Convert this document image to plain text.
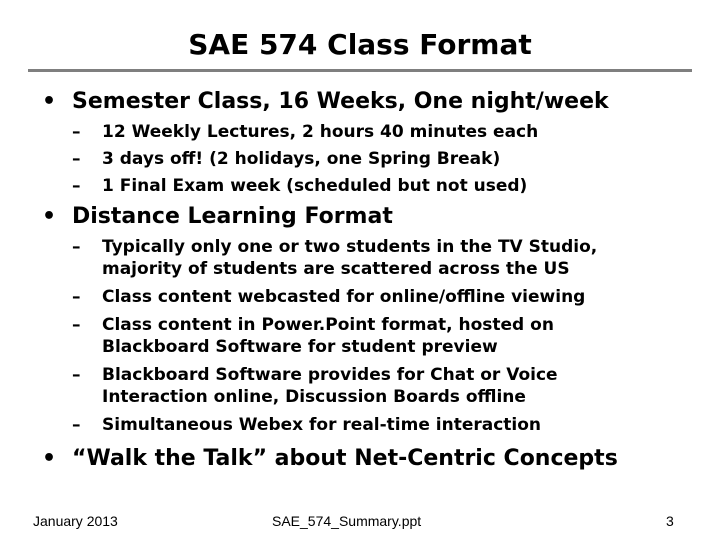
SAE 574 Class Format
• Semester Class, 16 Weeks, One night/week
–	12 Weekly Lectures, 2 hours 40 minutes each
–	3 days off! (2 holidays, one Spring Break)
–	1 Final Exam week (scheduled but not used)
• Distance Learning Format
–	Typically only one or two students in the TV Studio, majority of students are scattered across the US
–	Class content webcasted for online/offline viewing
–	Class content in Power.Point format, hosted on Blackboard Software for student preview
–	Blackboard Software provides for Chat or Voice Interaction online, Discussion Boards offline
–	Simultaneous Webex for real-time interaction
• “Walk the Talk” about Net-Centric Concepts
January 2013	SAE_574_Summary.ppt	3
